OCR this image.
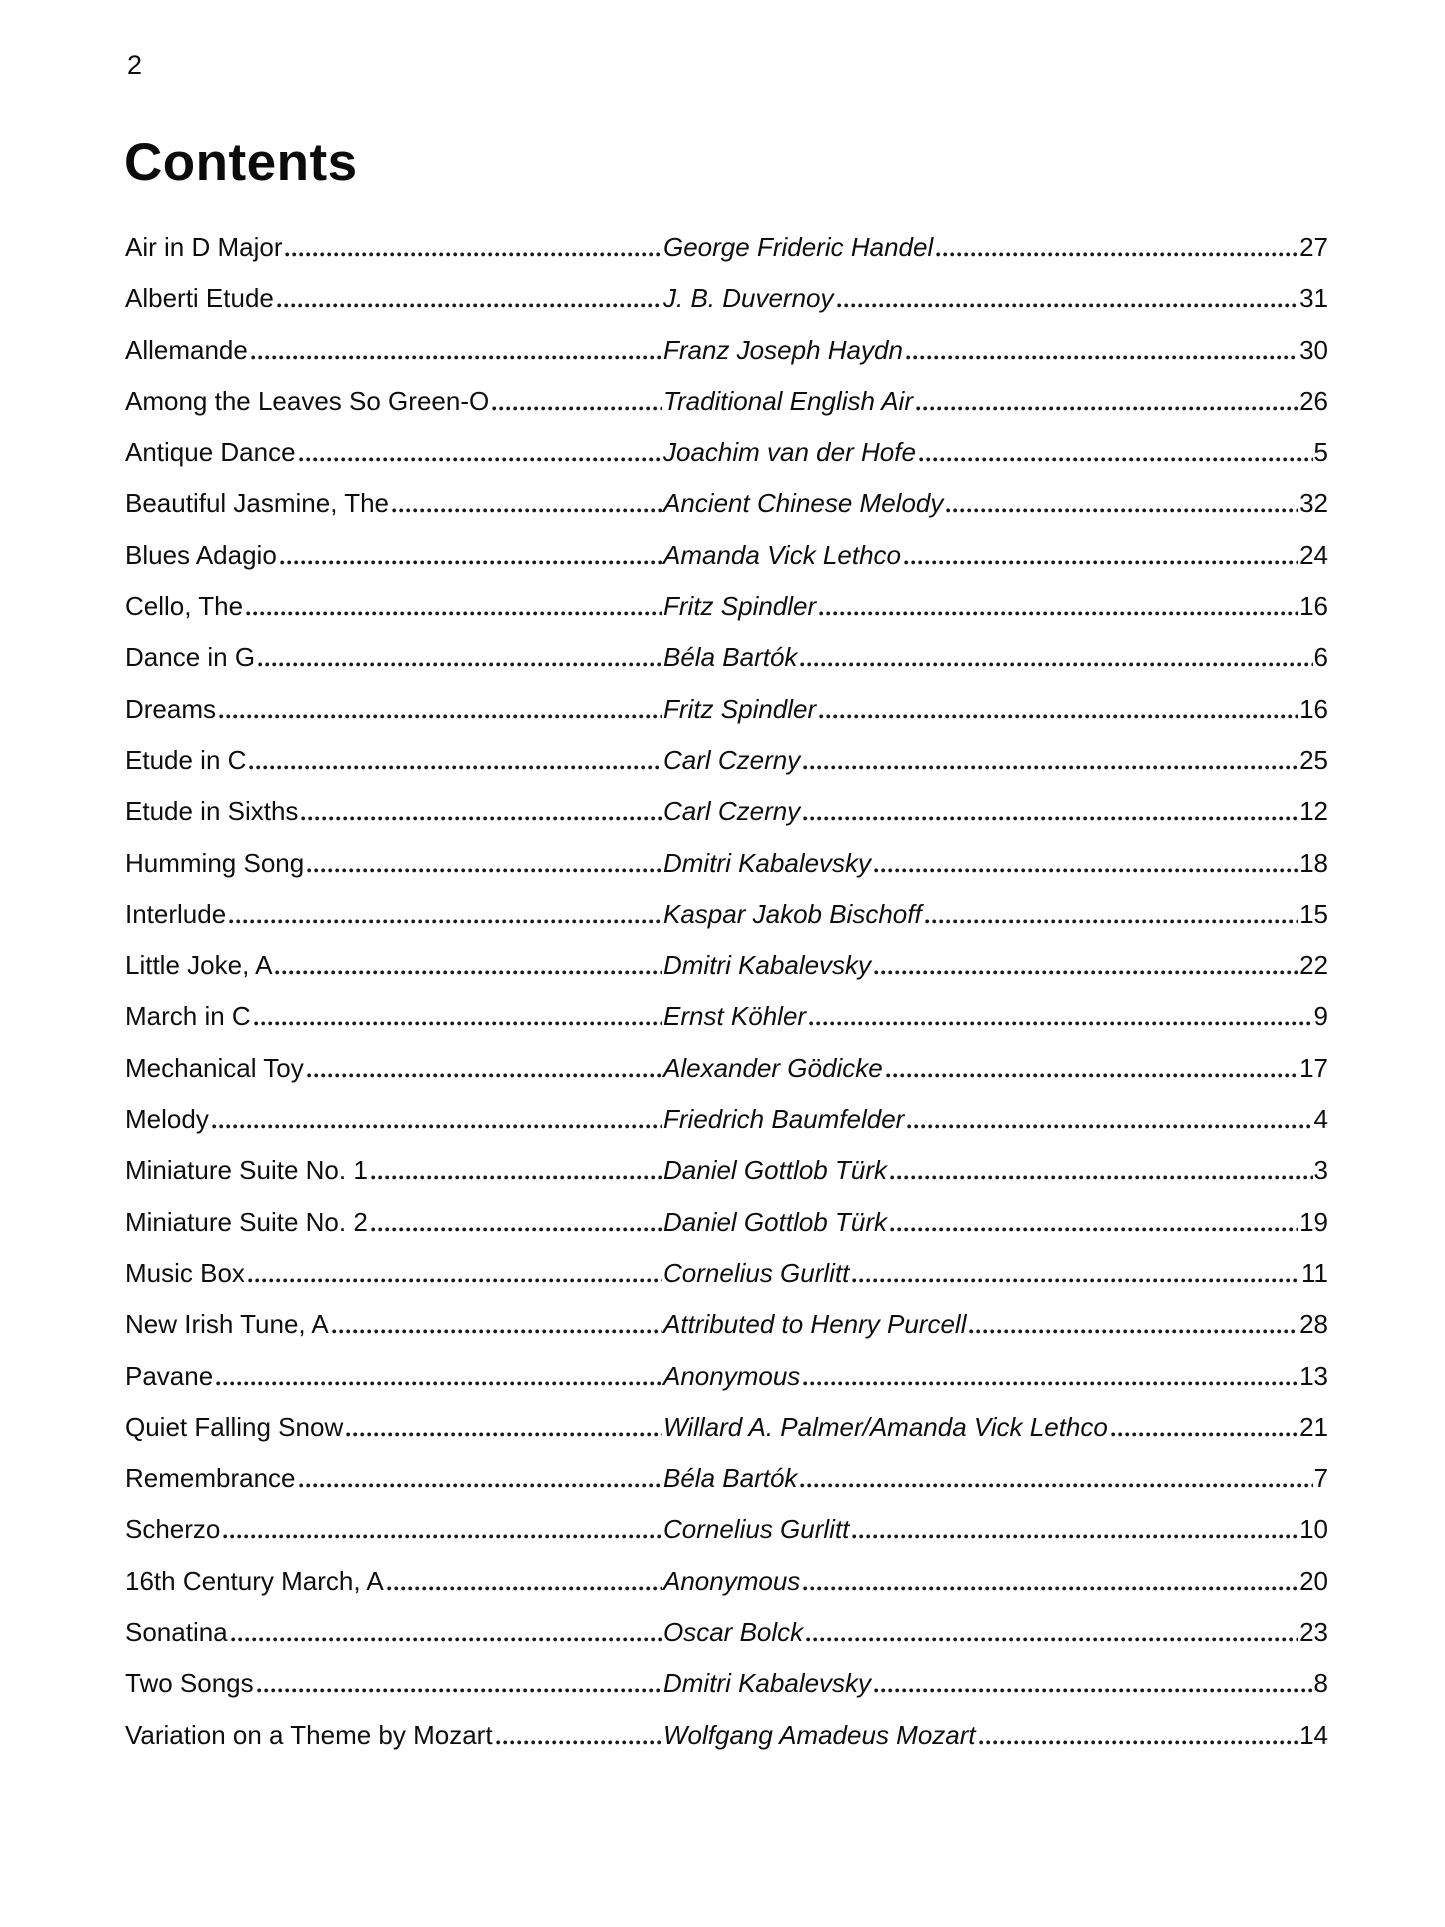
2
Contents
Air in D Major	George Frideric Handel	27
Alberti Etude	J. B. Duvernoy	31
Allemande	Franz Joseph Haydn	30
Among the Leaves So Green-O	Traditional English Air	26
Antique Dance	Joachim van der Hofe	5
Beautiful Jasmine, The	Ancient Chinese Melody	32
Blues Adagio	Amanda Vick Lethco	24
Cello, The	Fritz Spindler	16
Dance in G	Béla Bartók	6
Dreams	Fritz Spindler	16
Etude in C	Carl Czerny	25
Etude in Sixths	Carl Czerny	12
Humming Song	Dmitri Kabalevsky	18
Interlude	Kaspar Jakob Bischoff	15
Little Joke, A	Dmitri Kabalevsky	22
March in C	Ernst Köhler	9
Mechanical Toy	Alexander Gödicke	17
Melody	Friedrich Baumfelder	4
Miniature Suite No. 1	Daniel Gottlob Türk	3
Miniature Suite No. 2	Daniel Gottlob Türk	19
Music Box	Cornelius Gurlitt	11
New Irish Tune, A	Attributed to Henry Purcell	28
Pavane	Anonymous	13
Quiet Falling Snow	Willard A. Palmer/Amanda Vick Lethco	21
Remembrance	Béla Bartók	7
Scherzo	Cornelius Gurlitt	10
16th Century March, A	Anonymous	20
Sonatina	Oscar Bolck	23
Two Songs	Dmitri Kabalevsky	8
Variation on a Theme by Mozart	Wolfgang Amadeus Mozart	14
